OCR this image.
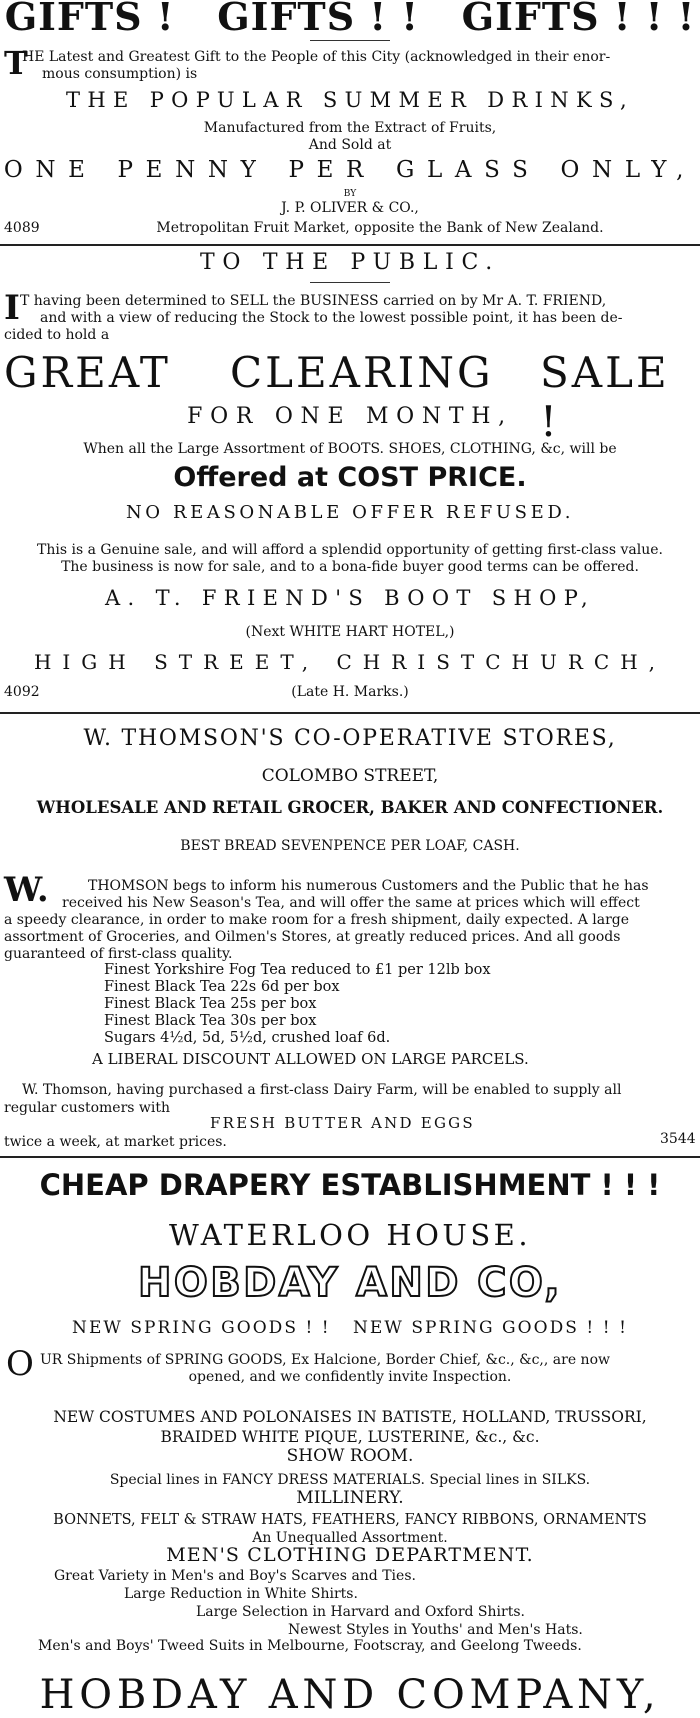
GIFTS !   GIFTS ! !   GIFTS ! ! !
T
HE Latest and Greatest Gift to the People of this City (acknowledged in their enor-
mous consumption) is
THE POPULAR SUMMER DRINKS,
Manufactured from the Extract of Fruits,
And Sold at
ONE PENNY PER GLASS ONLY,
BY
J. P. OLIVER & CO.,
4089	Metropolitan Fruit Market, opposite the Bank of New Zealand.
TO THE PUBLIC.
I T having been determined to SELL the BUSINESS carried on by Mr A. T. FRIEND,
and with a view of reducing the Stock to the lowest possible point, it has been de-
cided to hold a
GREAT CLEARING SALE !
FOR ONE MONTH,
When all the Large Assortment of BOOTS. SHOES, CLOTHING, &c, will be
Offered at COST PRICE.
NO REASONABLE OFFER REFUSED.
This is a Genuine sale, and will afford a splendid opportunity of getting first-class value.
The business is now for sale, and to a bona-fide buyer good terms can be offered.
A. T. FRIEND'S BOOT SHOP,
(Next WHITE HART HOTEL,)
HIGH STREET, CHRISTCHURCH,
4092	(Late H. Marks.)
W. THOMSON'S CO-OPERATIVE STORES,
COLOMBO STREET,
WHOLESALE AND RETAIL GROCER, BAKER AND CONFECTIONER.
BEST BREAD SEVENPENCE PER LOAF, CASH.
W.	THOMSON begs to inform his numerous Customers and the Public that he has
received his New Season's Tea, and will offer the same at prices which will effect
a speedy clearance, in order to make room for a fresh shipment, daily expected. A large
assortment of Groceries, and Oilmen's Stores, at greatly reduced prices. And all goods
guaranteed of first-class quality.
Finest Yorkshire Fog Tea reduced to £1 per 12lb box
Finest Black Tea 22s 6d per box
Finest Black Tea 25s per box
Finest Black Tea 30s per box
Sugars 4½d, 5d, 5½d, crushed loaf 6d.
A LIBERAL DISCOUNT ALLOWED ON LARGE PARCELS.
W. Thomson, having purchased a first-class Dairy Farm, will be enabled to supply all
regular customers with
FRESH BUTTER AND EGGS
twice a week, at market prices.	3544
CHEAP DRAPERY ESTABLISHMENT ! ! !
WATERLOO HOUSE.
HOBDAY AND CO,
NEW SPRING GOODS ! !   NEW SPRING GOODS ! ! !
O UR Shipments of SPRING GOODS, Ex Halcione, Border Chief, &c., &c,, are now
opened, and we confidently invite Inspection.
NEW COSTUMES AND POLONAISES IN BATISTE, HOLLAND, TRUSSORI,
BRAIDED WHITE PIQUE, LUSTERINE, &c., &c.
SHOW ROOM.
Special lines in FANCY DRESS MATERIALS. Special lines in SILKS.
MILLINERY.
BONNETS, FELT & STRAW HATS, FEATHERS, FANCY RIBBONS, ORNAMENTS
An Unequalled Assortment.
MEN'S CLOTHING DEPARTMENT.
Great Variety in Men's and Boy's Scarves and Ties.
Large Reduction in White Shirts.
Large Selection in Harvard and Oxford Shirts.
Newest Styles in Youths' and Men's Hats.
Men's and Boys' Tweed Suits in Melbourne, Footscray, and Geelong Tweeds.
HOBDAY AND COMPANY,
